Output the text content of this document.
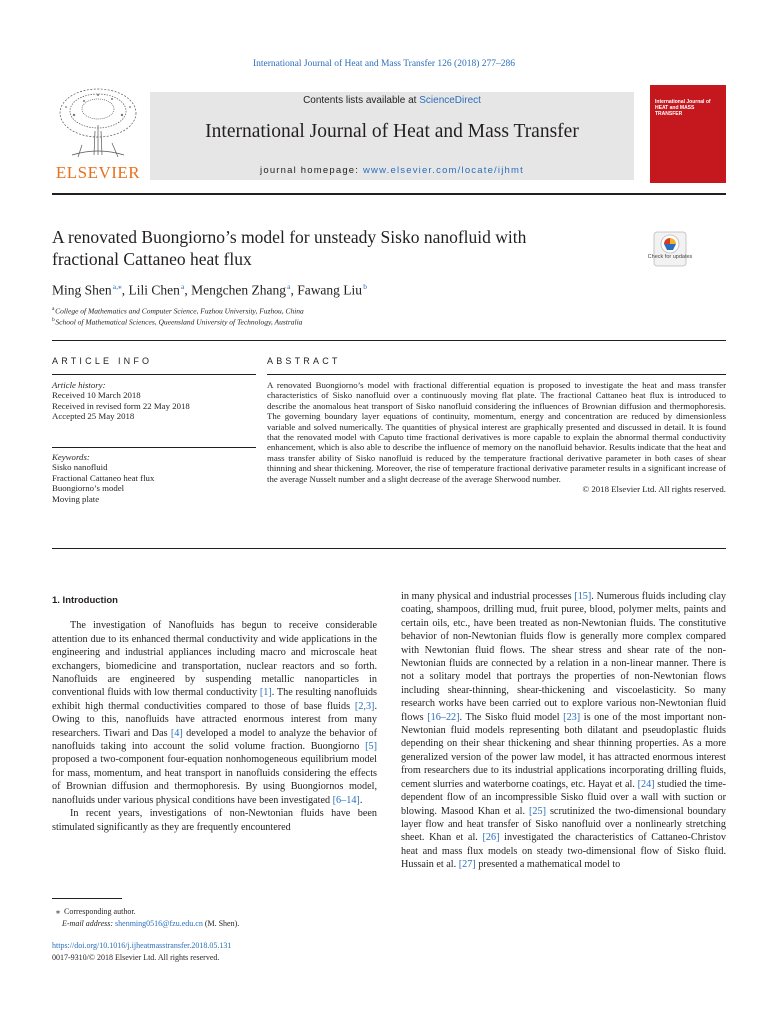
International Journal of Heat and Mass Transfer 126 (2018) 277–286
ELSEVIER
Contents lists available at ScienceDirect
International Journal of Heat and Mass Transfer
journal homepage: www.elsevier.com/locate/ijhmt
International Journal of HEAT and MASS TRANSFER
A renovated Buongiorno’s model for unsteady Sisko nanofluid with
fractional Cattaneo heat flux	Check for updates
Ming Shen $^{a,⁎}$, Lili Chen $^a$, Mengchen Zhang $^a$, Fawang Liu $^b$
$^a$ College of Mathematics and Computer Science, Fuzhou University, Fuzhou, China
$^b$ School of Mathematical Sciences, Queensland University of Technology, Australia
ARTICLE INFO	ABSTRACT
Article history:
Received 10 March 2018
Received in revised form 22 May 2018
Accepted 25 May 2018
Keywords:
Sisko nanofluid
Fractional Cattaneo heat flux
Buongiorno’s model
Moving plate
A renovated Buongiorno’s model with fractional differential equation is proposed to investigate the heat and mass transfer characteristics of Sisko nanofluid over a continuously moving flat plate. The fractional Cattaneo heat flux is introduced to describe the anomalous heat transport of Sisko nanofluid considering the influences of Brownian diffusion and thermophoresis. The governing boundary layer equations of continuity, momentum, energy and concentration are reduced by dimensionless variable and solved numerically. The quantities of physical interest are graphically presented and discussed in detail. It is found that the renovated model with Caputo time fractional derivatives is more capable to explain the abnormal thermal conductivity enhancement, which is also able to describe the influence of memory on the nanofluid behavior. Results indicate that the heat and mass transfer ability of Sisko nanofluid is reduced by the temperature fractional derivative parameter in both cases of shear thinning and shear thickening. Moreover, the rise of temperature fractional derivative parameter results in a significant increase of the average Nusselt number and a slight decrease of the average Sherwood number.
© 2018 Elsevier Ltd. All rights reserved.
1. Introduction

The investigation of Nanofluids has begun to receive considerable attention due to its enhanced thermal conductivity and wide applications in the engineering and industrial appliances including macro and microscale heat exchangers, biomedicine and transportation, nuclear reactors and so forth. Nanofluids are engineered by suspending metallic nanoparticles in conventional fluids with low thermal conductivity [1]. The resulting nanofluids exhibit high thermal conductivities compared to those of base fluids [2,3]. Owing to this, nanofluids have attracted enormous interest from many researchers. Tiwari and Das [4] developed a model to analyze the behavior of nanofluids taking into account the solid volume fraction. Buongiorno [5] proposed a two-component four-equation nonhomogeneous equilibrium model for mass, momentum, and heat transport in nanofluids considering the effects of Brownian diffusion and thermophoresis. By using Buongiornos model, nanofluids under various physical conditions have been investigated [6–14].

In recent years, investigations of non-Newtonian fluids have been stimulated significantly as they are frequently encountered

in many physical and industrial processes [15]. Numerous fluids including clay coating, shampoos, drilling mud, fruit puree, blood, polymer melts, paints and certain oils, etc., have been treated as non-Newtonian fluids. The constitutive behavior of non-Newtonian fluids flow is generally more complex compared with Newtonian fluid flows. The shear stress and shear rate of the non-Newtonian fluids are connected by a relation in a non-linear manner. There is not a solitary model that portrays the properties of non-Newtonian flows including shear-thinning, shear-thickening and viscoelasticity. So many research works have been carried out to explore various non-Newtonian fluid flows [16–22]. The Sisko fluid model [23] is one of the most important non-Newtonian fluid models representing both dilatant and pseudoplastic fluids depending on their shear thickening and shear thinning properties. As a more generalized version of the power law model, it has attracted enormous interest from researchers due to its industrial applications incorporating drilling fluids, cement slurries and waterborne coatings, etc. Hayat et al. [24] studied the time-dependent flow of an incompressible Sisko fluid over a wall with suction or blowing. Masood Khan et al. [25] scrutinized the two-dimensional boundary layer flow and heat transfer of Sisko nanofluid over a nonlinearly stretching sheet. Khan et al. [26] investigated the characteristics of Cattaneo-Christov heat and mass flux models on steady two-dimensional flow of Sisko fluid. Hussain et al. [27] presented a mathematical model to

⁎ Corresponding author.
E-mail address: shenming0516@fzu.edu.cn (M. Shen).
https://doi.org/10.1016/j.ijheatmasstransfer.2018.05.131
0017-9310/© 2018 Elsevier Ltd. All rights reserved.
